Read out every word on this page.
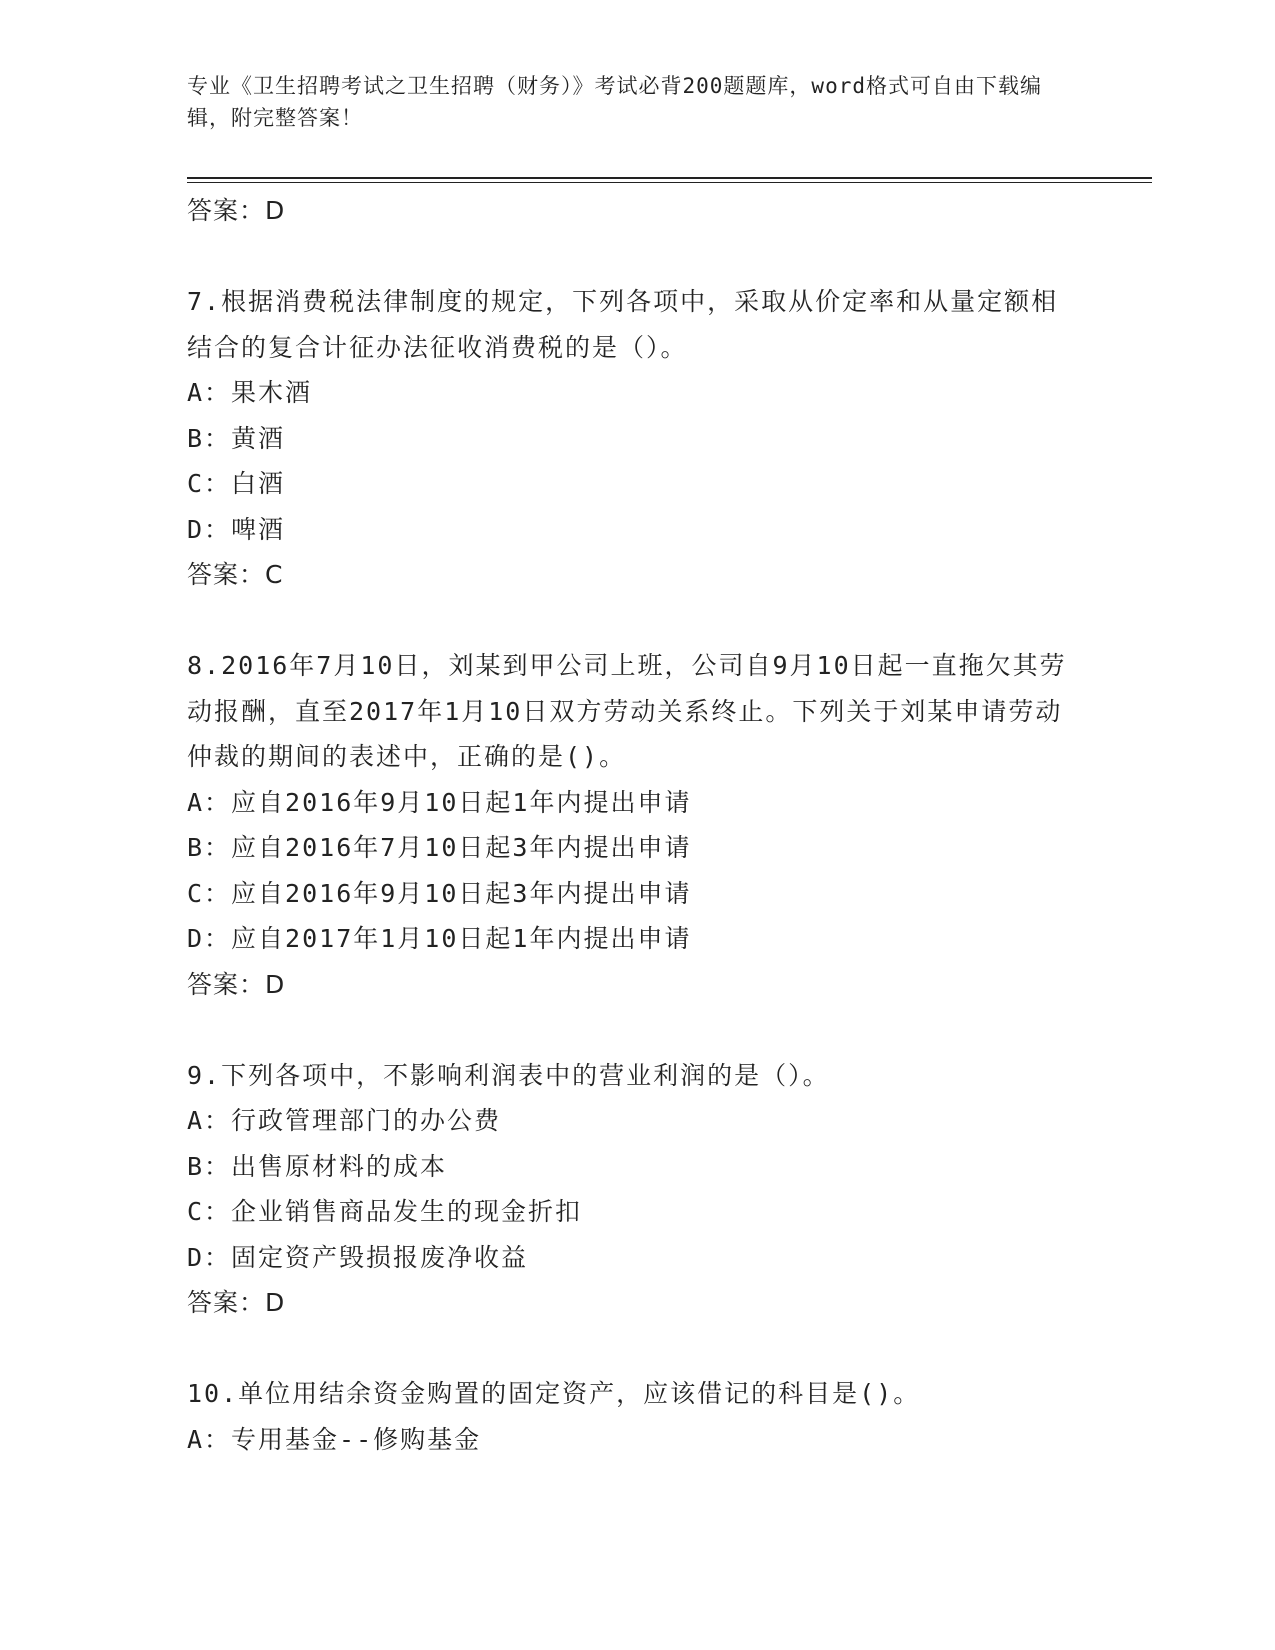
专业《卫生招聘考试之卫生招聘（财务）》考试必背200题题库，word格式可自由下载编辑，附完整答案！
答案：D
7.根据消费税法律制度的规定，下列各项中，采取从价定率和从量定额相结合的复合计征办法征收消费税的是（）。
A：果木酒
B：黄酒
C：白酒
D：啤酒
答案：C
8.2016年7月10日，刘某到甲公司上班，公司自9月10日起一直拖欠其劳动报酬，直至2017年1月10日双方劳动关系终止。下列关于刘某申请劳动仲裁的期间的表述中，正确的是()。
A：应自2016年9月10日起1年内提出申请
B：应自2016年7月10日起3年内提出申请
C：应自2016年9月10日起3年内提出申请
D：应自2017年1月10日起1年内提出申请
答案：D
9.下列各项中，不影响利润表中的营业利润的是（）。
A：行政管理部门的办公费
B：出售原材料的成本
C：企业销售商品发生的现金折扣
D：固定资产毁损报废净收益
答案：D
10.单位用结余资金购置的固定资产，应该借记的科目是()。
A：专用基金--修购基金
